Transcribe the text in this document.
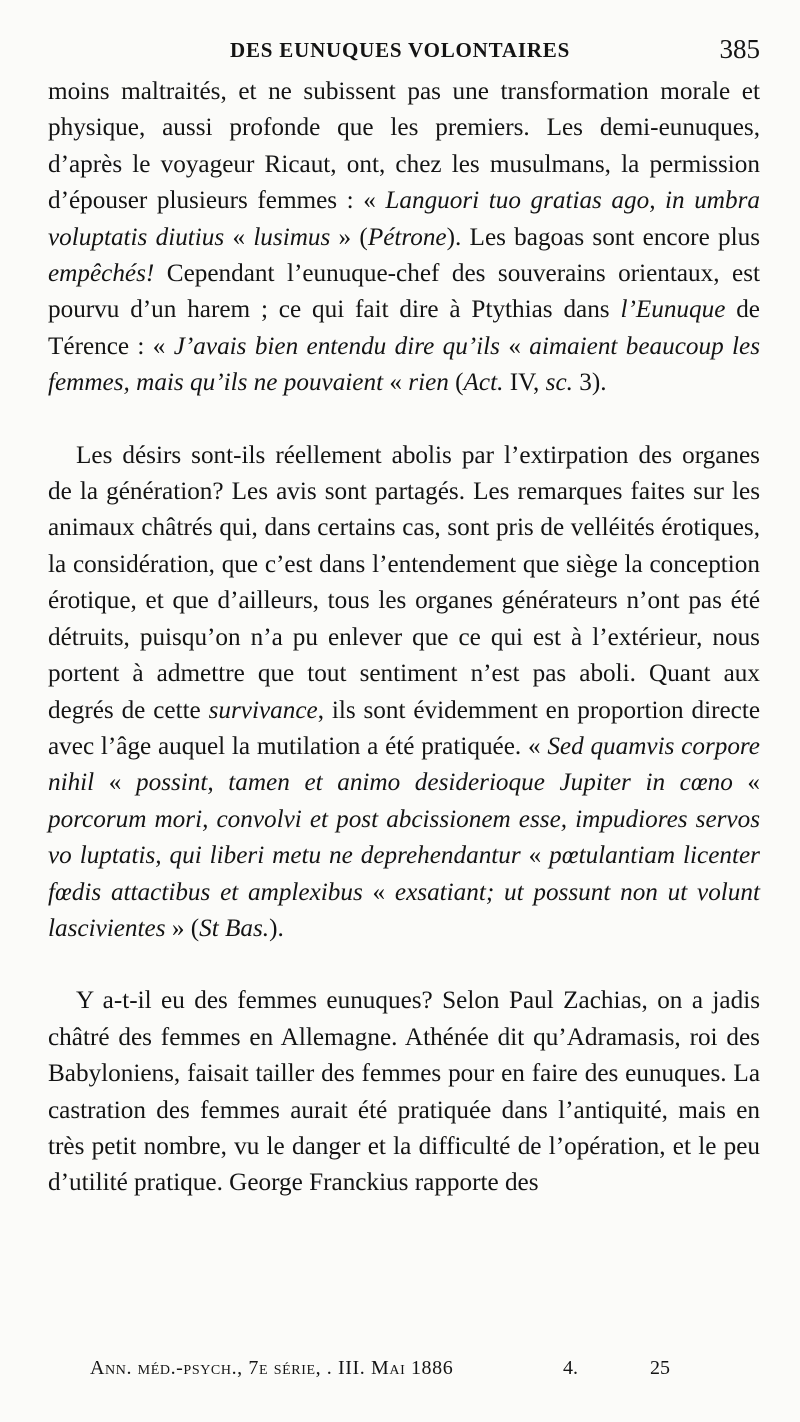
DES EUNUQUES VOLONTAIRES	385

moins maltraités, et ne subissent pas une transformation morale et physique, aussi profonde que les premiers. Les demi-eunuques, d’après le voyageur Ricaut, ont, chez les musulmans, la permission d’épouser plusieurs femmes : « Languori tuo gratias ago, in umbra voluptatis diutius « lusimus » (Pétrone). Les bagoas sont encore plus empêchés! Cependant l’eunuque-chef des souverains orientaux, est pourvu d’un harem ; ce qui fait dire à Ptythias dans l’Eunuque de Térence : « J’avais bien entendu dire qu’ils « aimaient beaucoup les femmes, mais qu’ils ne pouvaient « rien (Act. IV, sc. 3).

Les désirs sont-ils réellement abolis par l’extirpation des organes de la génération? Les avis sont partagés. Les remarques faites sur les animaux châtrés qui, dans certains cas, sont pris de velléités érotiques, la considération, que c’est dans l’entendement que siège la conception érotique, et que d’ailleurs, tous les organes générateurs n’ont pas été détruits, puisqu’on n’a pu enlever que ce qui est à l’extérieur, nous portent à admettre que tout sentiment n’est pas aboli. Quant aux degrés de cette survivance, ils sont évidemment en proportion directe avec l’âge auquel la mutilation a été pratiquée. « Sed quamvis corpore nihil « possint, tamen et animo desiderioque Jupiter in cœno « porcorum mori, convolvi et post abcissionem esse, impudiores servos vo luptatis, qui liberi metu ne deprehendantur « pœtulantiam licenter fœdis attactibus et amplexibus « exsatiant; ut possunt non ut volunt lascivientes » (St Bas.).

Y a-t-il eu des femmes eunuques? Selon Paul Zachias, on a jadis châtré des femmes en Allemagne. Athénée dit qu’Adramasis, roi des Babyloniens, faisait tailler des femmes pour en faire des eunuques. La castration des femmes aurait été pratiquée dans l’antiquité, mais en très petit nombre, vu le danger et la difficulté de l’opération, et le peu d’utilité pratique. George Franckius rapporte des

Ann. méd.-psych., 7e série, . III. Mai 1886	4.	25
